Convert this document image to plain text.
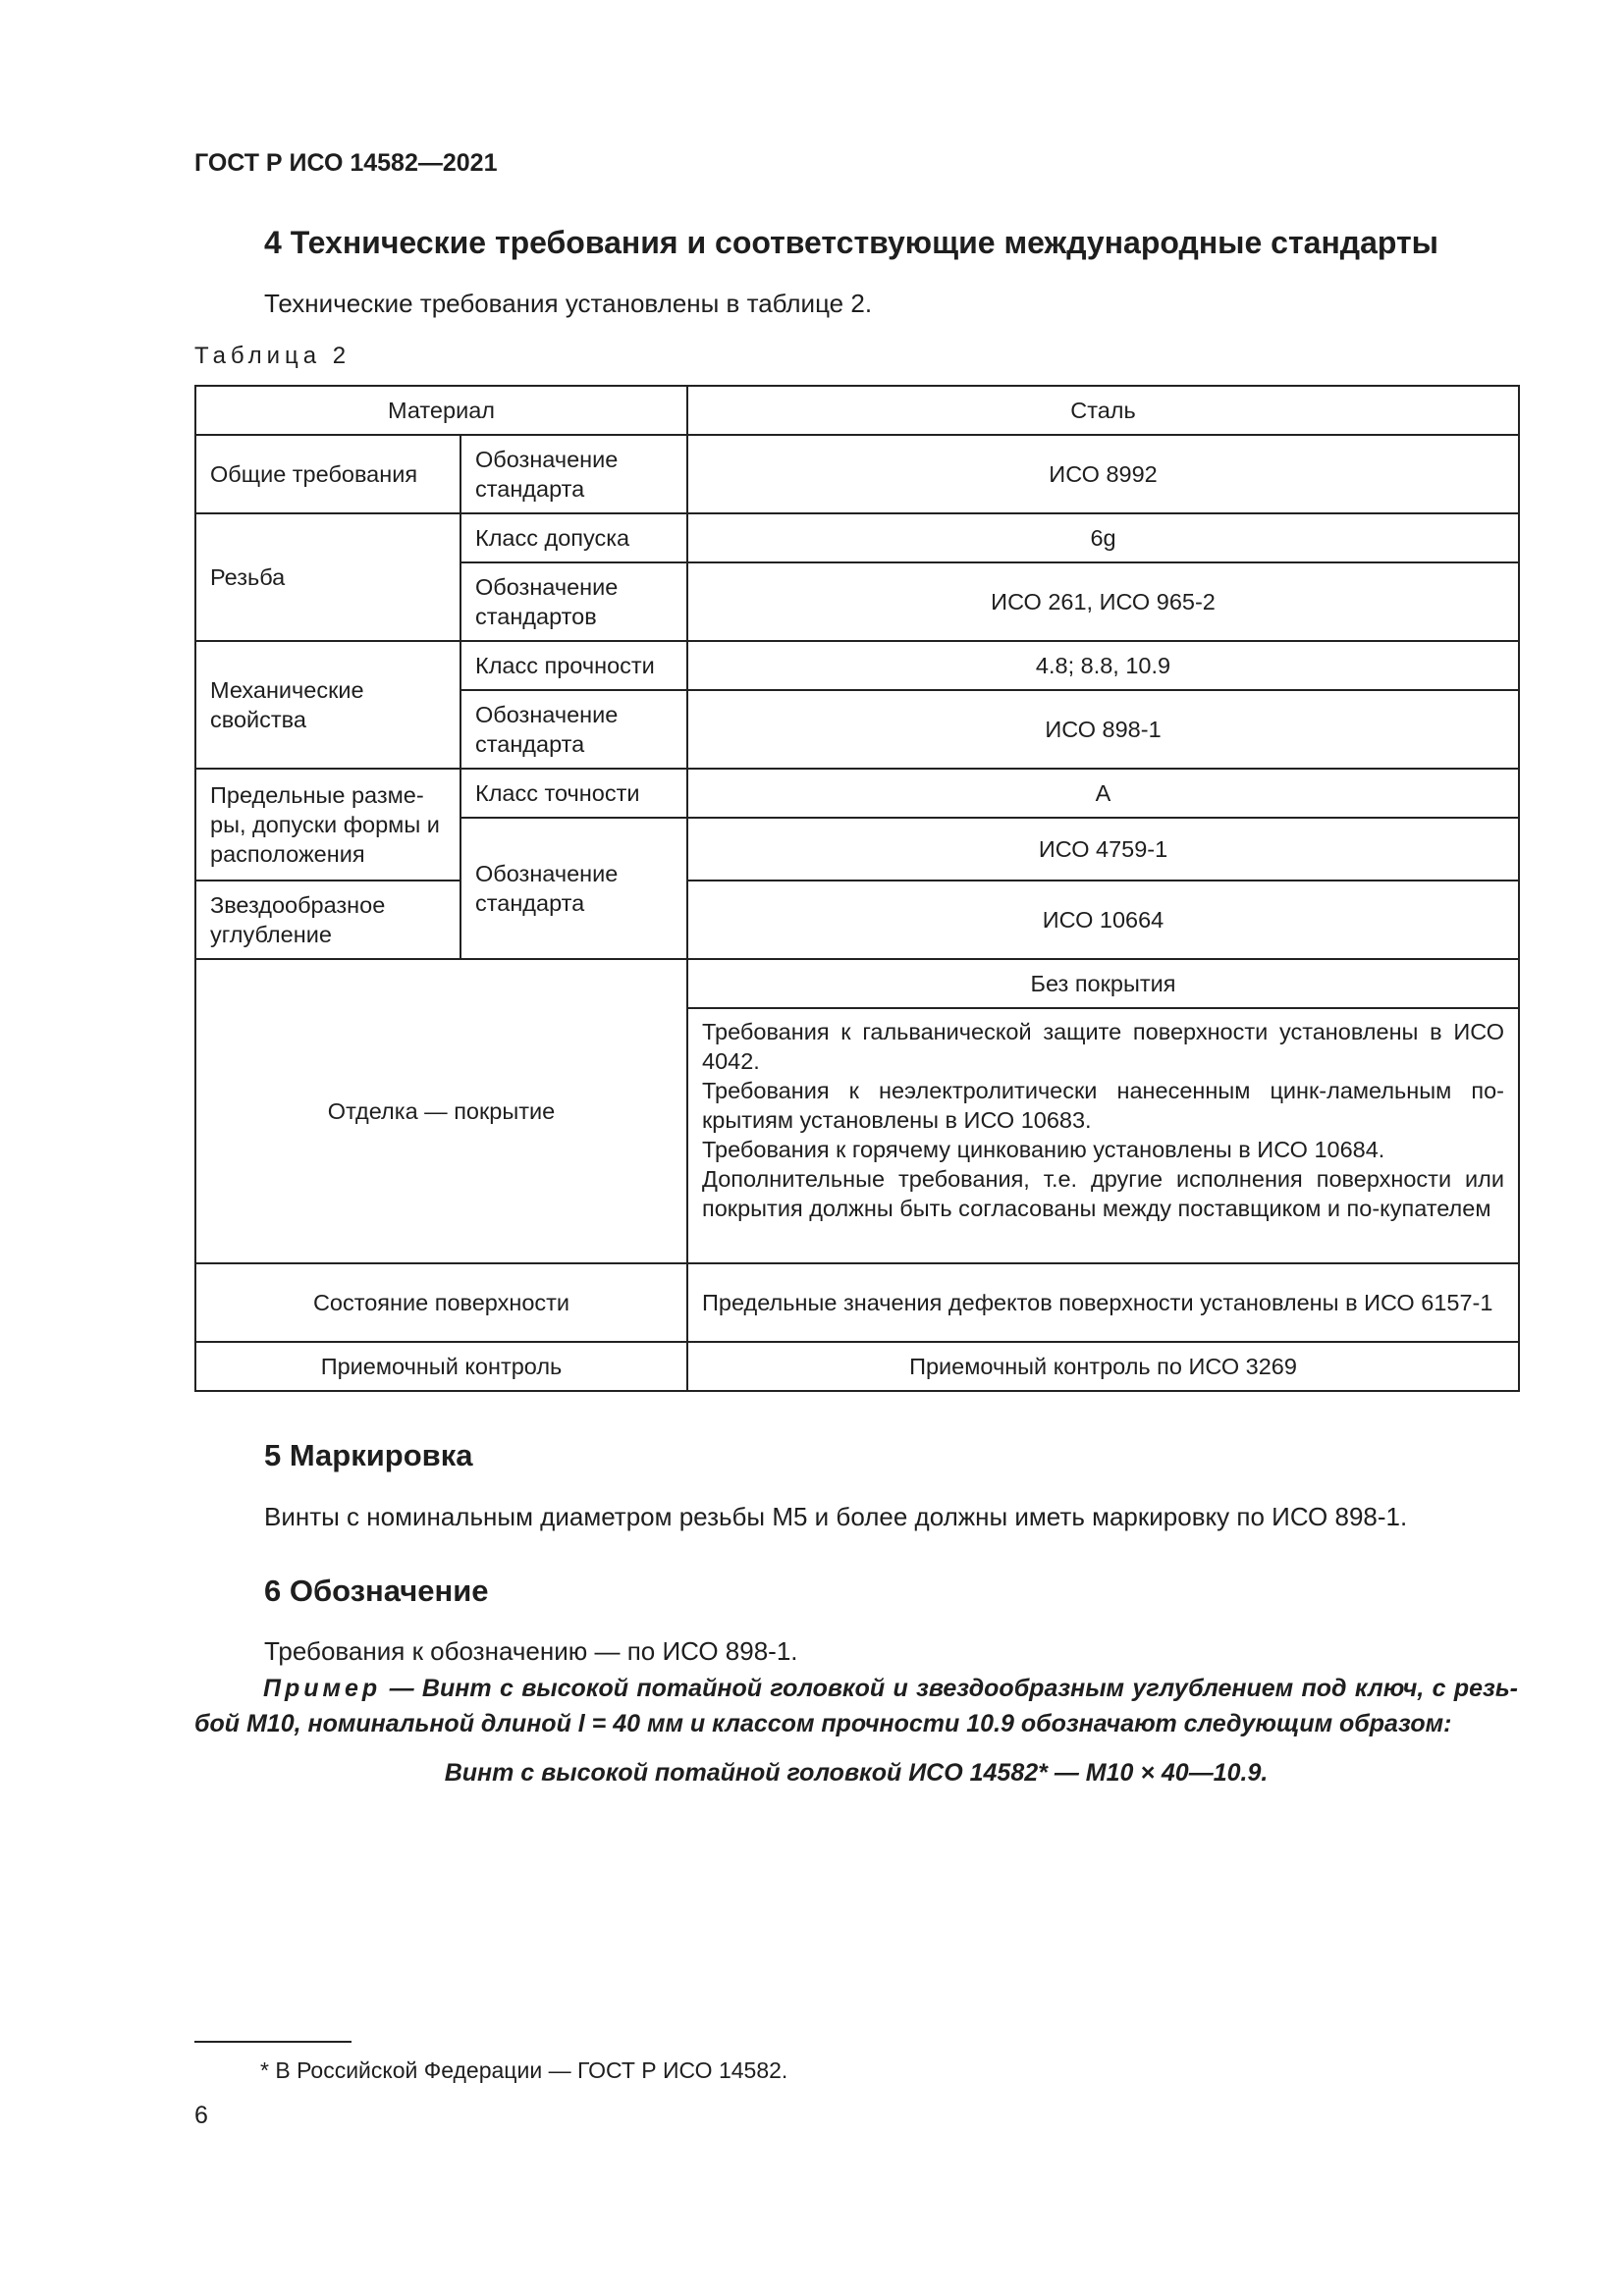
ГОСТ Р ИСО 14582—2021
4 Технические требования и соответствующие международные стандарты
Технические требования установлены в таблице 2.
Таблица 2
Материал		Сталь
Общие требования	Обозначение стандарта	ИСО 8992
Резьба	Класс допуска	6g
	Обозначение стандартов	ИСО 261, ИСО 965-2
Механические свойства	Класс прочности	4.8; 8.8, 10.9
	Обозначение стандарта	ИСО 898-1
Предельные разме-ры, допуски формы и расположения	Класс точности	А
	Обозначение стандарта	ИСО 4759-1
Звездообразное углубление		ИСО 10664
Отделка — покрытие		Без покрытия

		Требования к гальванической защите поверхности установлены в ИСО 4042.
Требования к неэлектролитически нанесенным цинк-ламельным по-крытиям установлены в ИСО 10683.
Требования к горячему цинкованию установлены в ИСО 10684.
Дополнительные требования, т.е. другие исполнения поверхности или покрытия должны быть согласованы между поставщиком и по-купателем

Состояние поверхности		Предельные значения дефектов поверхности установлены в ИСО 6157-1
Приемочный контроль		Приемочный контроль по ИСО 3269
5 Маркировка
Винты с номинальным диаметром резьбы М5 и более должны иметь маркировку по ИСО 898-1.
6 Обозначение
Требования к обозначению — по ИСО 898-1.
Пример — Винт с высокой потайной головкой и звездообразным углублением под ключ, с резь-бой М10, номинальной длиной l = 40 мм и классом прочности 10.9 обозначают следующим образом:
Винт с высокой потайной головкой ИСО 14582* — М10 × 40—10.9.
* В Российской Федерации — ГОСТ Р ИСО 14582.
6
